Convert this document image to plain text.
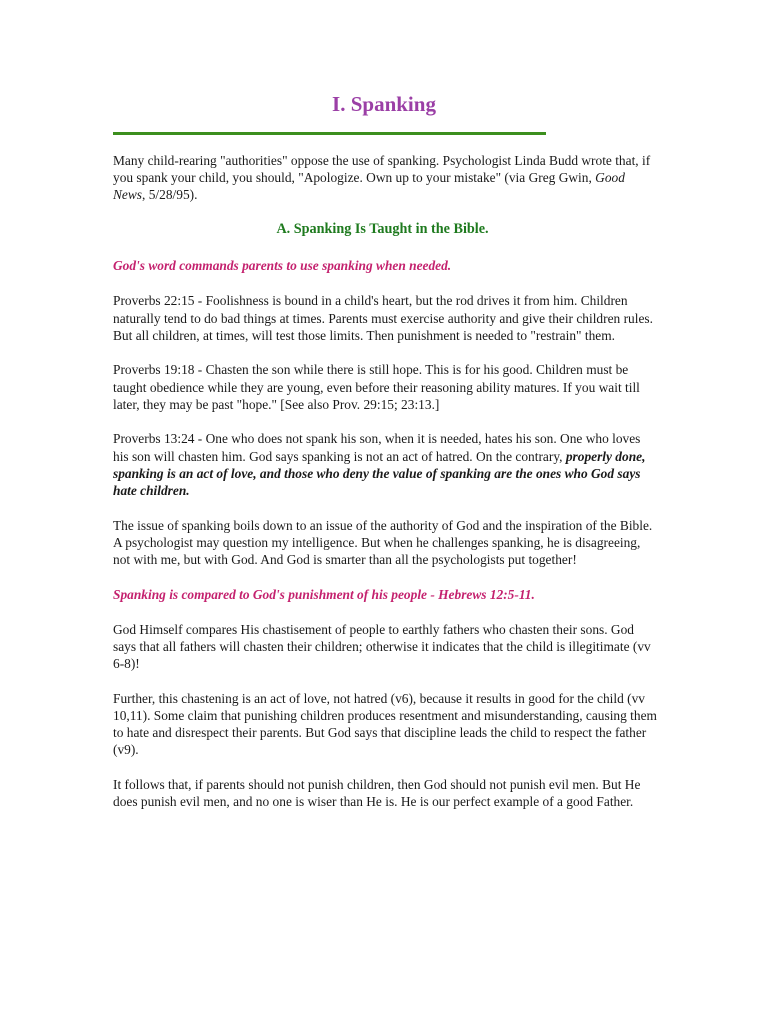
I. Spanking

Many child-rearing "authorities" oppose the use of spanking. Psychologist Linda Budd wrote that, if you spank your child, you should, "Apologize. Own up to your mistake" (via Greg Gwin, Good News, 5/28/95).

A. Spanking Is Taught in the Bible.

God's word commands parents to use spanking when needed.

Proverbs 22:15 - Foolishness is bound in a child's heart, but the rod drives it from him. Children naturally tend to do bad things at times. Parents must exercise authority and give their children rules. But all children, at times, will test those limits. Then punishment is needed to "restrain" them.

Proverbs 19:18 - Chasten the son while there is still hope. This is for his good. Children must be taught obedience while they are young, even before their reasoning ability matures. If you wait till later, they may be past "hope." [See also Prov. 29:15; 23:13.]

Proverbs 13:24 - One who does not spank his son, when it is needed, hates his son. One who loves his son will chasten him. God says spanking is not an act of hatred. On the contrary, properly done, spanking is an act of love, and those who deny the value of spanking are the ones who God says hate children.

The issue of spanking boils down to an issue of the authority of God and the inspiration of the Bible. A psychologist may question my intelligence. But when he challenges spanking, he is disagreeing, not with me, but with God. And God is smarter than all the psychologists put together!

Spanking is compared to God's punishment of his people - Hebrews 12:5-11.

God Himself compares His chastisement of people to earthly fathers who chasten their sons. God says that all fathers will chasten their children; otherwise it indicates that the child is illegitimate (vv 6-8)!

Further, this chastening is an act of love, not hatred (v6), because it results in good for the child (vv 10,11). Some claim that punishing children produces resentment and misunderstanding, causing them to hate and disrespect their parents. But God says that discipline leads the child to respect the father (v9).

It follows that, if parents should not punish children, then God should not punish evil men. But He does punish evil men, and no one is wiser than He is. He is our perfect example of a good Father.
